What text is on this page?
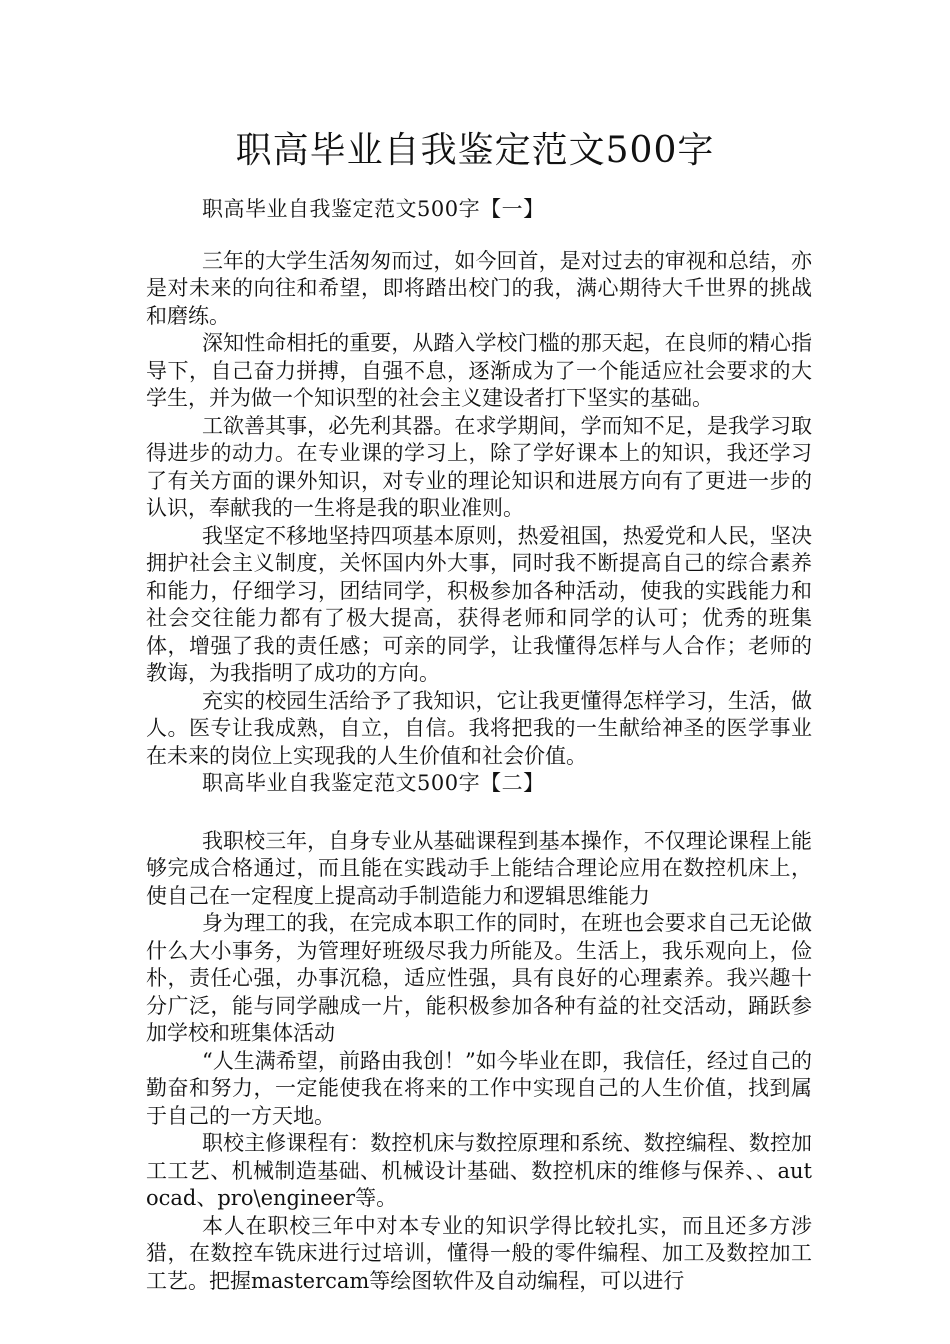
职高毕业自我鉴定范文500字

职高毕业自我鉴定范文500字【一】

三年的大学生活匆匆而过，如今回首，是对过去的审视和总结，亦是对未来的向往和希望，即将踏出校门的我，满心期待大千世界的挑战和磨练。

深知性命相托的重要，从踏入学校门槛的那天起，在良师的精心指导下，自己奋力拼搏，自强不息，逐渐成为了一个能适应社会要求的大学生，并为做一个知识型的社会主义建设者打下坚实的基础。

工欲善其事，必先利其器。在求学期间，学而知不足，是我学习取得进步的动力。在专业课的学习上，除了学好课本上的知识，我还学习了有关方面的课外知识，对专业的理论知识和进展方向有了更进一步的认识，奉献我的一生将是我的职业准则。

我坚定不移地坚持四项基本原则，热爱祖国，热爱党和人民，坚决拥护社会主义制度，关怀国内外大事，同时我不断提高自己的综合素养和能力，仔细学习，团结同学，积极参加各种活动，使我的实践能力和社会交往能力都有了极大提高，获得老师和同学的认可；优秀的班集体，增强了我的责任感；可亲的同学，让我懂得怎样与人合作；老师的教诲，为我指明了成功的方向。

充实的校园生活给予了我知识，它让我更懂得怎样学习，生活，做人。医专让我成熟，自立，自信。我将把我的一生献给神圣的医学事业在未来的岗位上实现我的人生价值和社会价值。

职高毕业自我鉴定范文500字【二】

我职校三年，自身专业从基础课程到基本操作，不仅理论课程上能够完成合格通过，而且能在实践动手上能结合理论应用在数控机床上，使自己在一定程度上提高动手制造能力和逻辑思维能力

身为理工的我，在完成本职工作的同时，在班也会要求自己无论做什么大小事务，为管理好班级尽我力所能及。生活上，我乐观向上，俭朴，责任心强，办事沉稳，适应性强，具有良好的心理素养。我兴趣十分广泛，能与同学融成一片，能积极参加各种有益的社交活动，踊跃参加学校和班集体活动

“人生满希望，前路由我创！”如今毕业在即，我信任，经过自己的勤奋和努力，一定能使我在将来的工作中实现自己的人生价值，找到属于自己的一方天地。

职校主修课程有：数控机床与数控原理和系统、数控编程、数控加工工艺、机械制造基础、机械设计基础、数控机床的维修与保养、、autocad、pro\engineer等。

本人在职校三年中对本专业的知识学得比较扎实，而且还多方涉猎，在数控车铣床进行过培训，懂得一般的零件编程、加工及数控加工工艺。把握mastercam等绘图软件及自动编程，可以进行
